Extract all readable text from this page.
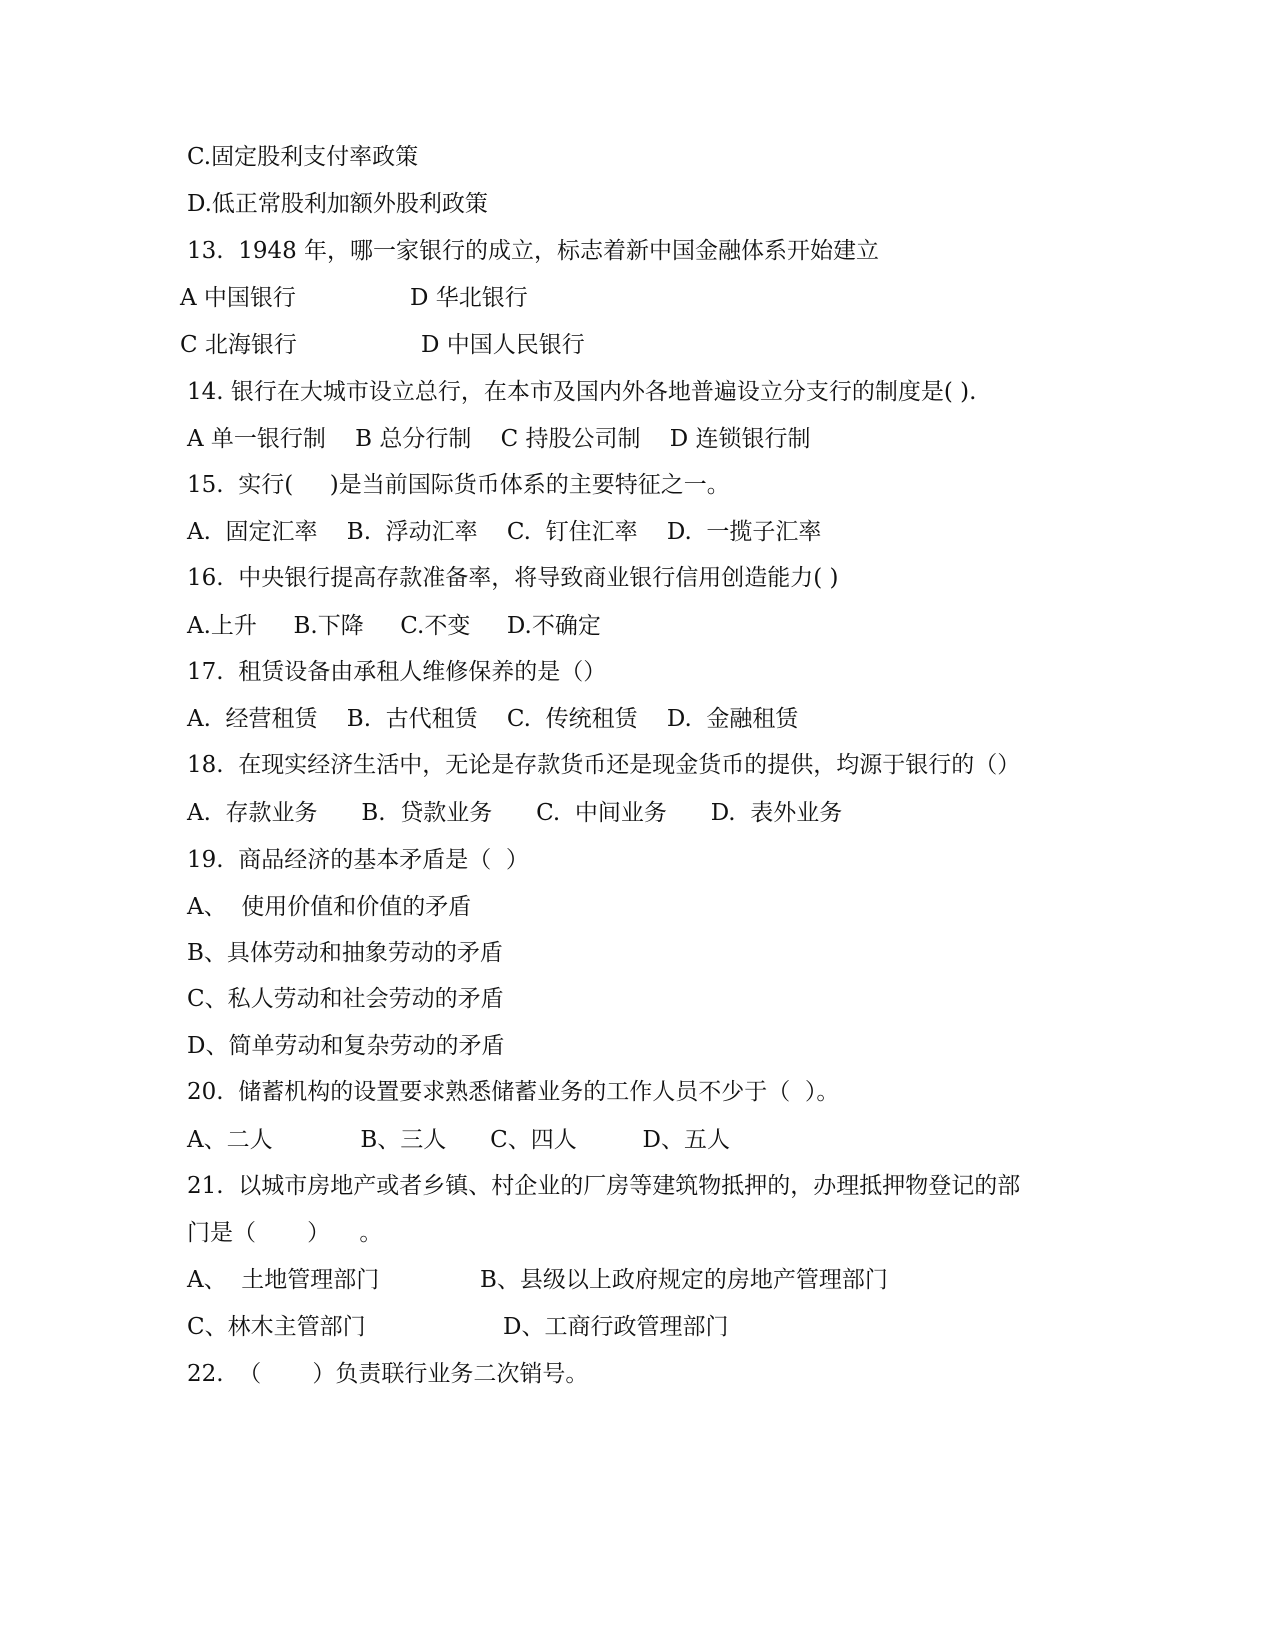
C.固定股利支付率政策
D.低正常股利加额外股利政策
13.  1948 年，哪一家银行的成立，标志着新中国金融体系开始建立
A 中国银行	D 华北银行
C 北海银行	D 中国人民银行
14. 银行在大城市设立总行，在本市及国内外各地普遍设立分支行的制度是( ).
A 单一银行制    B 总分行制    C 持股公司制    D 连锁银行制
15.  实行(     )是当前国际货币体系的主要特征之一。
A.  固定汇率    B.  浮动汇率    C.  钉住汇率    D.  一揽子汇率
16.  中央银行提高存款准备率，将导致商业银行信用创造能力( )
A.上升     B.下降     C.不变     D.不确定
17.  租赁设备由承租人维修保养的是（）
A.  经营租赁    B.  古代租赁    C.  传统租赁    D.  金融租赁
18.  在现实经济生活中，无论是存款货币还是现金货币的提供，均源于银行的（）
A.  存款业务      B.  贷款业务      C.  中间业务      D.  表外业务
19.  商品经济的基本矛盾是（  ）
A、  使用价值和价值的矛盾
B、具体劳动和抽象劳动的矛盾
C、私人劳动和社会劳动的矛盾
D、简单劳动和复杂劳动的矛盾
20.  储蓄机构的设置要求熟悉储蓄业务的工作人员不少于（  ）。
A、二人            B、三人      C、四人         D、五人
21.  以城市房地产或者乡镇、村企业的厂房等建筑物抵押的，办理抵押物登记的部
门是（       ）    。
A、  土地管理部门	B、县级以上政府规定的房地产管理部门
C、林木主管部门	D、工商行政管理部门
22.  （       ）负责联行业务二次销号。
